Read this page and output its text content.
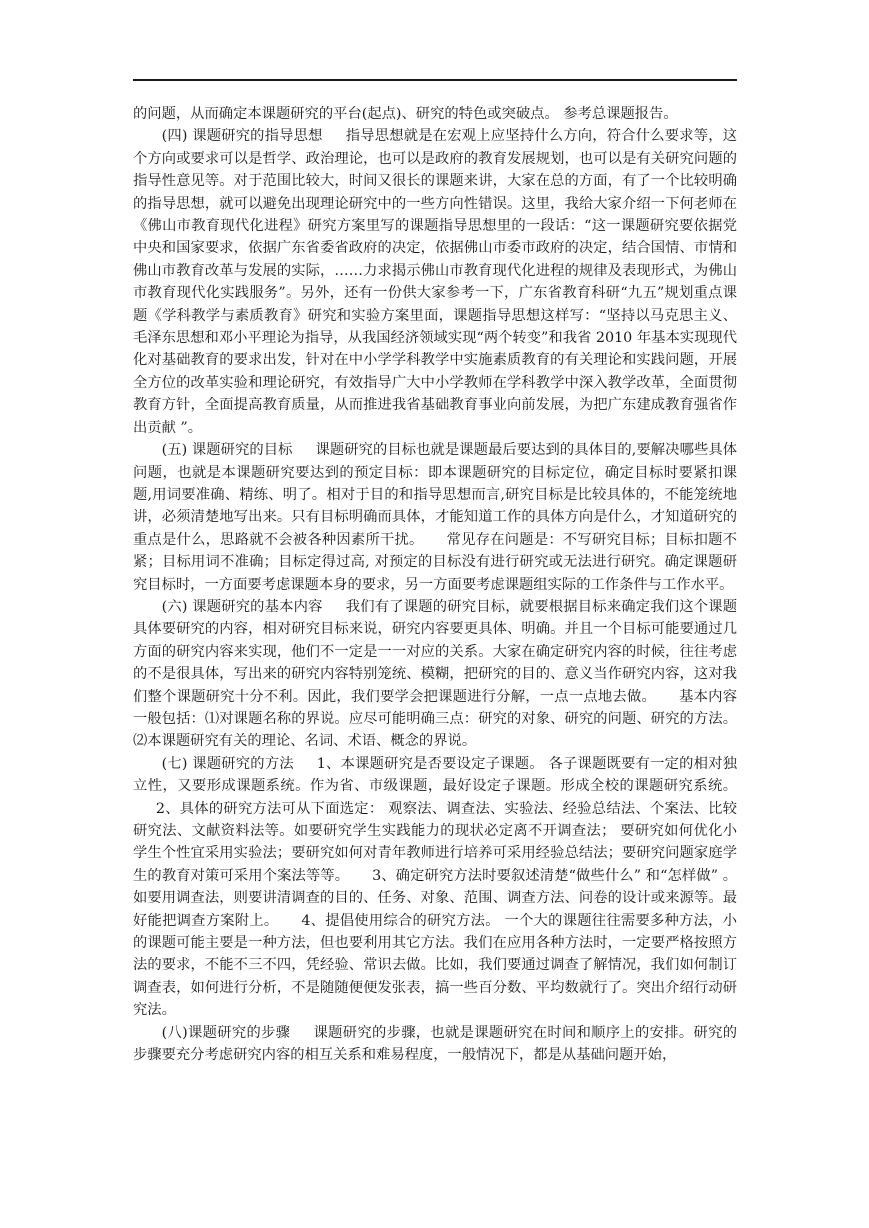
的问题，从而确定本课题研究的平台(起点)、研究的特色或突破点。 参考总课题报告。

(四) 课题研究的指导思想 指导思想就是在宏观上应坚持什么方向，符合什么要求等，这个方向或要求可以是哲学、政治理论，也可以是政府的教育发展规划，也可以是有关研究问题的指导性意见等。对于范围比较大，时间又很长的课题来讲，大家在总的方面，有了一个比较明确的指导思想，就可以避免出现理论研究中的一些方向性错误。这里，我给大家介绍一下何老师在《佛山市教育现代化进程》研究方案里写的课题指导思想里的一段话：“这一课题研究要依据党中央和国家要求，依据广东省委省政府的决定，依据佛山市委市政府的决定，结合国情、市情和佛山市教育改革与发展的实际，……力求揭示佛山市教育现代化进程的规律及表现形式，为佛山市教育现代化实践服务”。另外，还有一份供大家参考一下，广东省教育科研“九五”规划重点课题《学科教学与素质教育》研究和实验方案里面，课题指导思想这样写：“坚持以马克思主义、毛泽东思想和邓小平理论为指导，从我国经济领域实现“两个转变”和我省 2010 年基本实现现代化对基础教育的要求出发，针对在中小学学科教学中实施素质教育的有关理论和实践问题，开展全方位的改革实验和理论研究，有效指导广大中小学教师在学科教学中深入教学改革，全面贯彻教育方针，全面提高教育质量，从而推进我省基础教育事业向前发展，为把广东建成教育强省作出贡献 ”。

(五) 课题研究的目标 课题研究的目标也就是课题最后要达到的具体目的,要解决哪些具体问题，也就是本课题研究要达到的预定目标：即本课题研究的目标定位，确定目标时要紧扣课题,用词要准确、精练、明了。相对于目的和指导思想而言,研究目标是比较具体的，不能笼统地讲，必须清楚地写出来。只有目标明确而具体，才能知道工作的具体方向是什么，才知道研究的重点是什么，思路就不会被各种因素所干扰。 常见存在问题是：不写研究目标；目标扣题不紧；目标用词不准确；目标定得过高, 对预定的目标没有进行研究或无法进行研究。确定课题研究目标时，一方面要考虑课题本身的要求，另一方面要考虑课题组实际的工作条件与工作水平。

(六) 课题研究的基本内容 我们有了课题的研究目标，就要根据目标来确定我们这个课题具体要研究的内容，相对研究目标来说，研究内容要更具体、明确。并且一个目标可能要通过几方面的研究内容来实现，他们不一定是一一对应的关系。大家在确定研究内容的时候，往往考虑的不是很具体，写出来的研究内容特别笼统、模糊，把研究的目的、意义当作研究内容，这对我们整个课题研究十分不利。因此，我们要学会把课题进行分解，一点一点地去做。 基本内容一般包括：⑴对课题名称的界说。应尽可能明确三点：研究的对象、研究的问题、研究的方法。⑵本课题研究有关的理论、名词、术语、概念的界说。

(七) 课题研究的方法 1、本课题研究是否要设定子课题。 各子课题既要有一定的相对独立性，又要形成课题系统。作为省、市级课题，最好设定子课题。形成全校的课题研究系统。2、具体的研究方法可从下面选定： 观察法、调查法、实验法、经验总结法、个案法、比较研究法、文献资料法等。如要研究学生实践能力的现状必定离不开调查法； 要研究如何优化小学生个性宜采用实验法；要研究如何对青年教师进行培养可采用经验总结法；要研究问题家庭学生的教育对策可采用个案法等等。 3、确定研究方法时要叙述清楚“做些什么” 和“怎样做” 。如要用调查法，则要讲清调查的目的、任务、对象、范围、调查方法、问卷的设计或来源等。最好能把调查方案附上。 4、提倡使用综合的研究方法。 一个大的课题往往需要多种方法，小的课题可能主要是一种方法，但也要利用其它方法。我们在应用各种方法时，一定要严格按照方法的要求，不能不三不四，凭经验、常识去做。比如，我们要通过调查了解情况，我们如何制订调查表，如何进行分析，不是随随便便发张表，搞一些百分数、平均数就行了。突出介绍行动研究法。

(八)课题研究的步骤 课题研究的步骤，也就是课题研究在时间和顺序上的安排。研究的步骤要充分考虑研究内容的相互关系和难易程度，一般情况下，都是从基础问题开始，
